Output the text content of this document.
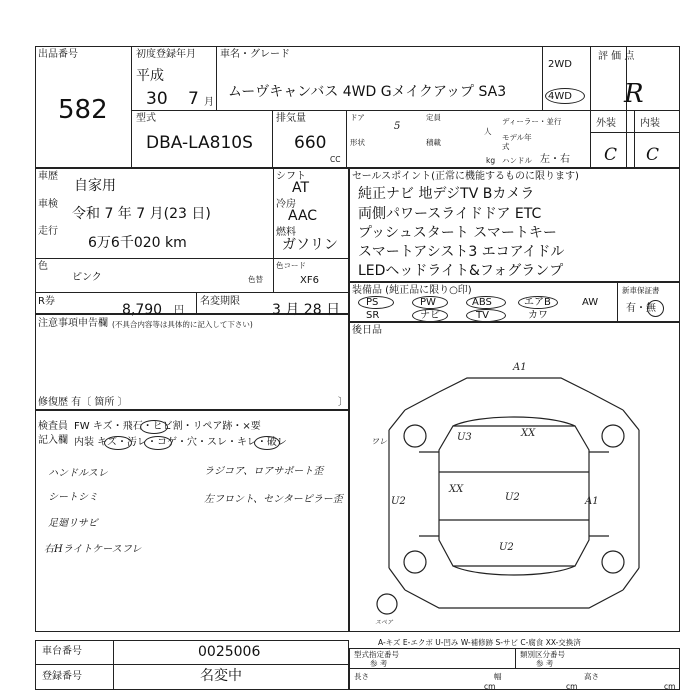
出品番号
582
初度登録年月
平成
30 7 月
車名・グレード
ムーヴキャンバス 4WD Gメイクアップ SA3
2WD
4WD
評 価 点
R
外装 内装
C C
型式
DBA-LA810S
排気量
660
CC
ドア
5
定員
人
ディーラー・並行
モデル年式
形状	積載
kg ハンドル 左・右
車歴
自家用
車検
令和 7 年 7 月(23 日)
走行
6万6千020 km
シフト
AT
冷房
AAC
燃料
ガソリン
色
ピンク	色替
色コード
XF6
R券
8,790 円
名変期限
3 月 28 日
セールスポイント(正常に機能するものに限ります)
純正ナビ 地デジTV Bカメラ
両側パワースライドドア ETC
プッシュスタート スマートキー
スマートアシスト3 エコアイドル
LEDヘッドライト&フォグランプ
装備品 (純正品に限り○印)	新車保証書
有・無
PS	PW	ABS	エアB	AW
SR	ナビ	TV	カワ
注意事項申告欄 (不具合内容等は具体的に記入して下さい)
修復歴 有〔 箇所 〕	〕
後日品
検査員
記入欄
FW キズ・飛石・ヒビ割・リペア跡・×要
内装 キズ・汚レ・コゲ・穴・スレ・キレ・破レ
ハンドルスレ
シートシミ
足廻リサビ
右Hライトケースフレ
ラジコア、ロアサポート歪
左フロント、センターピラー歪
A1
U3	XX
U2
XX
U2	A1
U2
ワレ
スペア
A-キズ E-エクボ U-凹み W-補修跡 S-サビ C-腐食 XX-交換済
車台番号	0025006
登録番号	名変中
型式指定番号
参 考
類別区分番号
参 考
長さ
cm
幅
cm
高さ
cm
